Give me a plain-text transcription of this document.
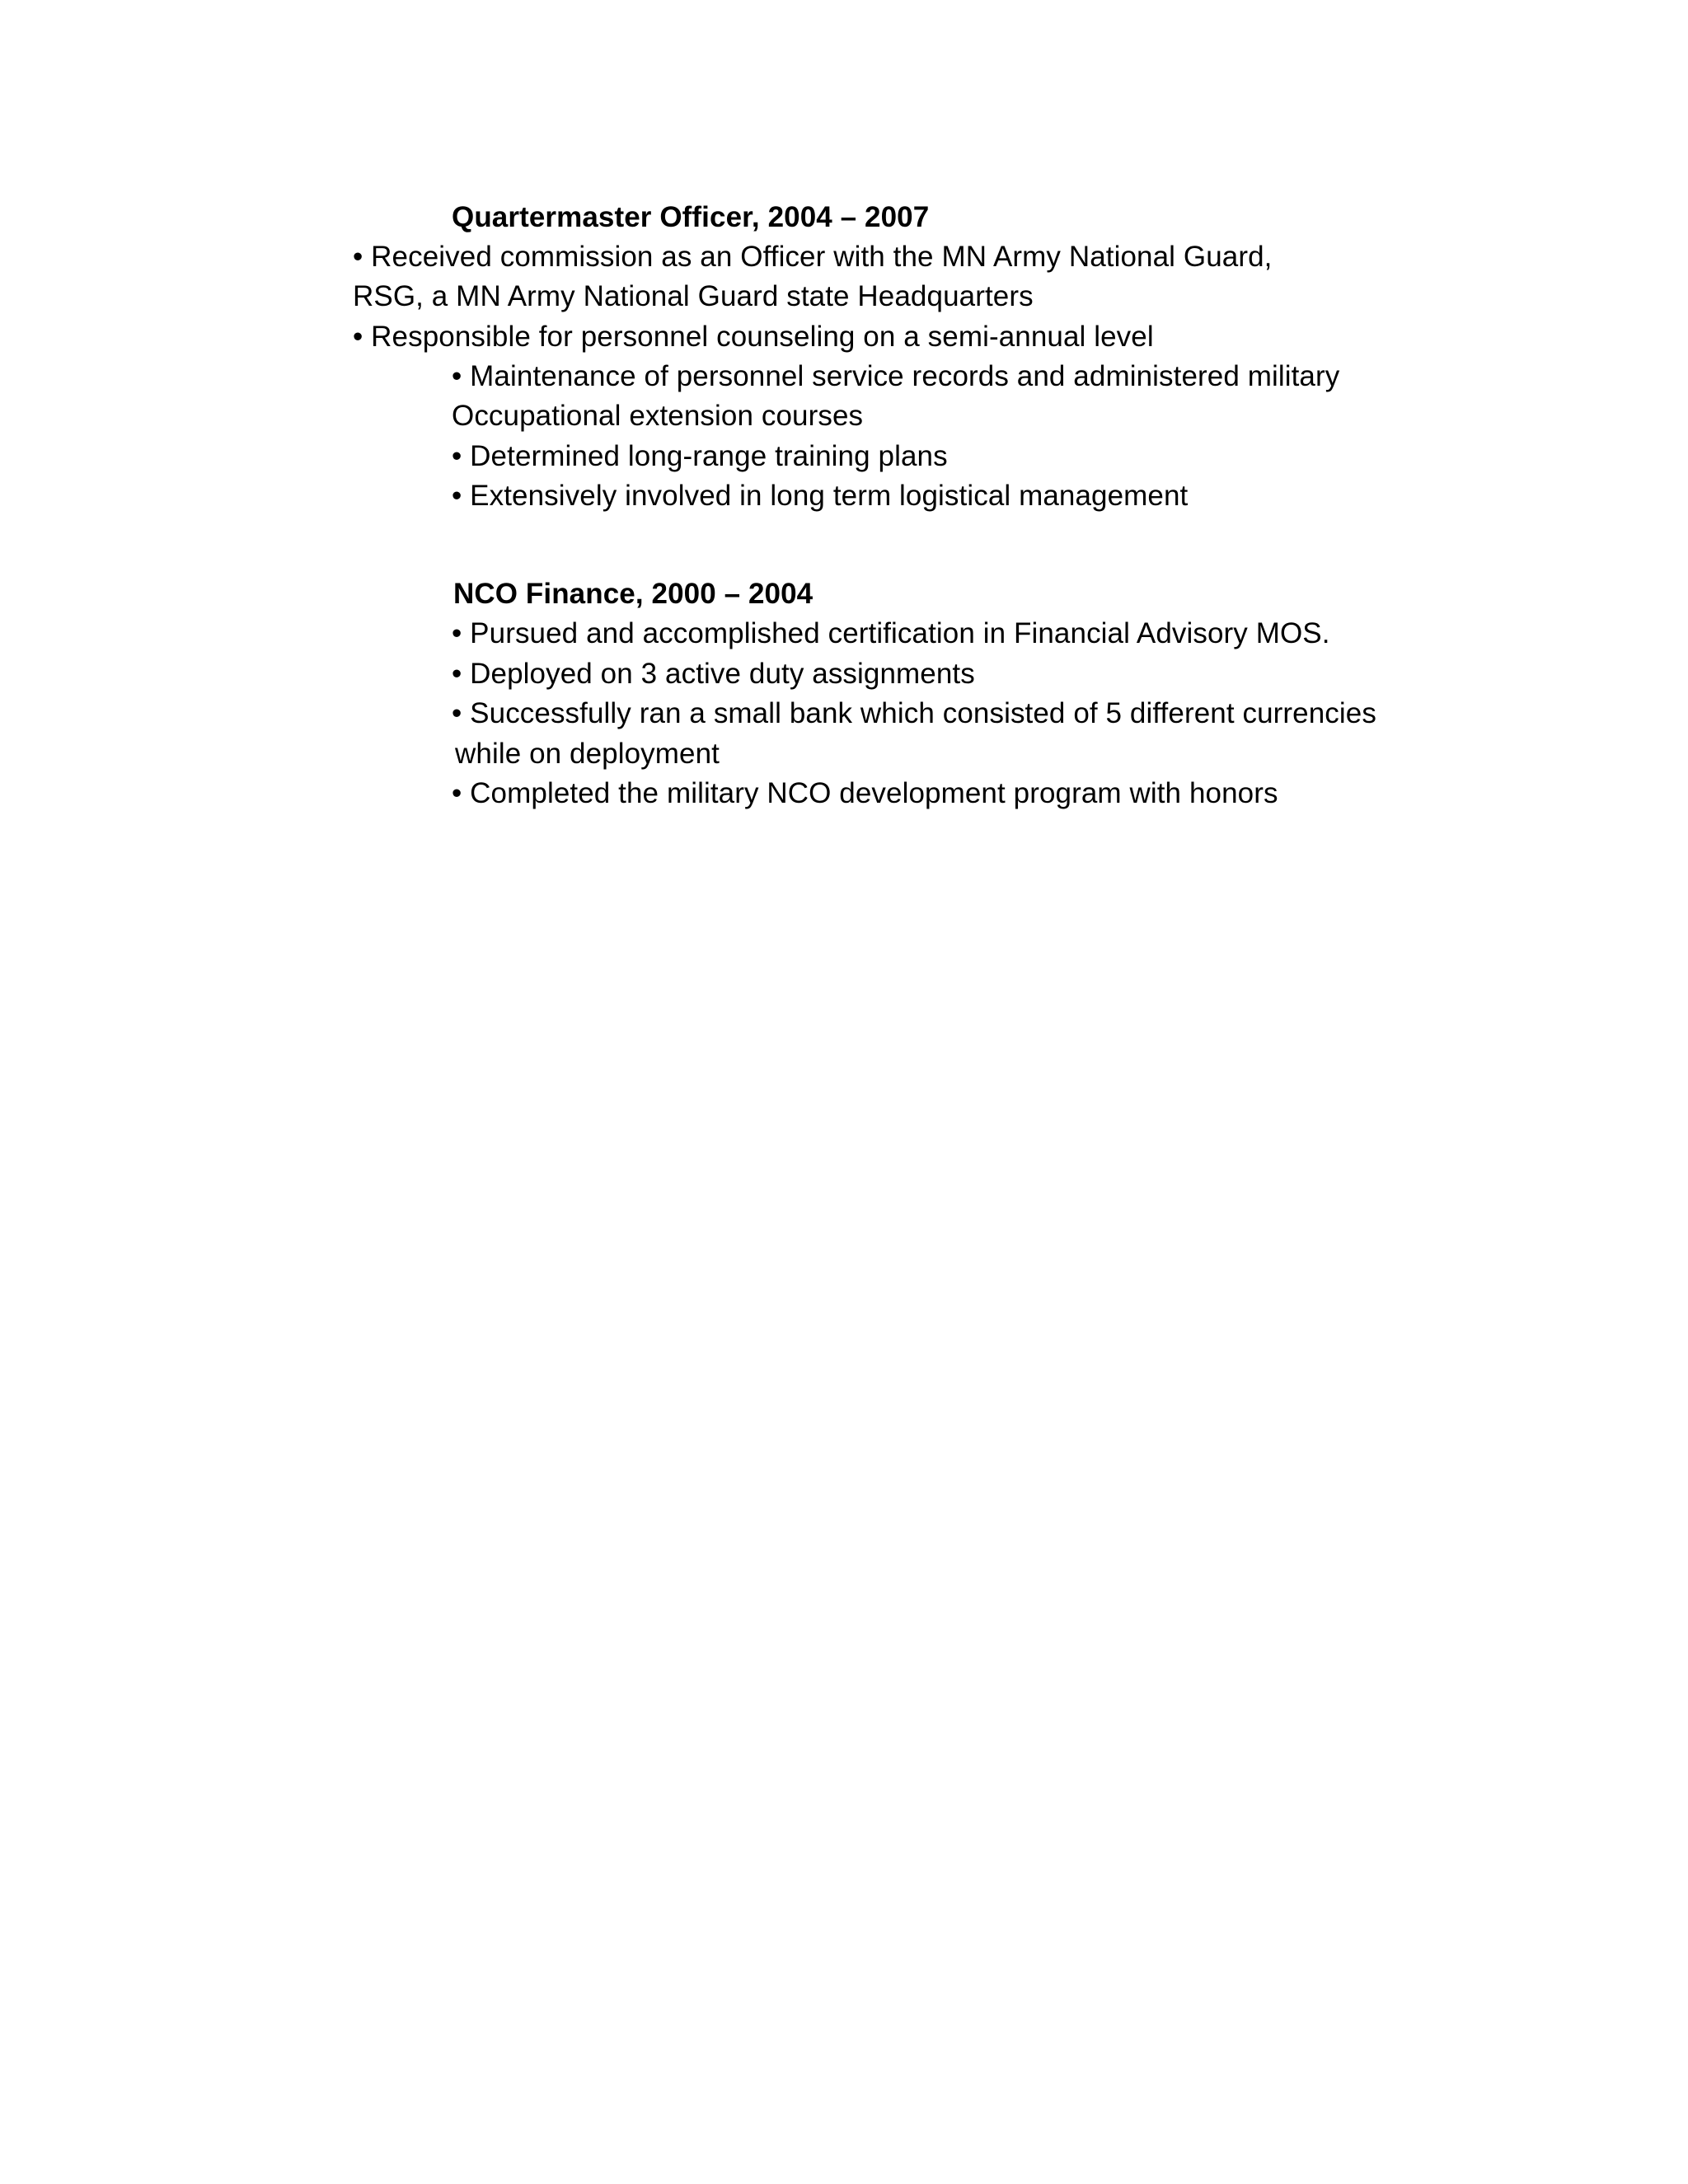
Quartermaster Officer, 2004 – 2007
• Received commission as an Officer with the MN Army National Guard,
RSG, a MN Army National Guard state Headquarters
• Responsible for personnel counseling on a semi-annual level
• Maintenance of personnel service records and administered military
Occupational extension courses
• Determined long-range training plans
• Extensively involved in long term logistical management
NCO Finance, 2000 – 2004
• Pursued and accomplished certification in Financial Advisory MOS.
• Deployed on 3 active duty assignments
• Successfully ran a small bank which consisted of 5 different currencies
while on deployment
• Completed the military NCO development program with honors
